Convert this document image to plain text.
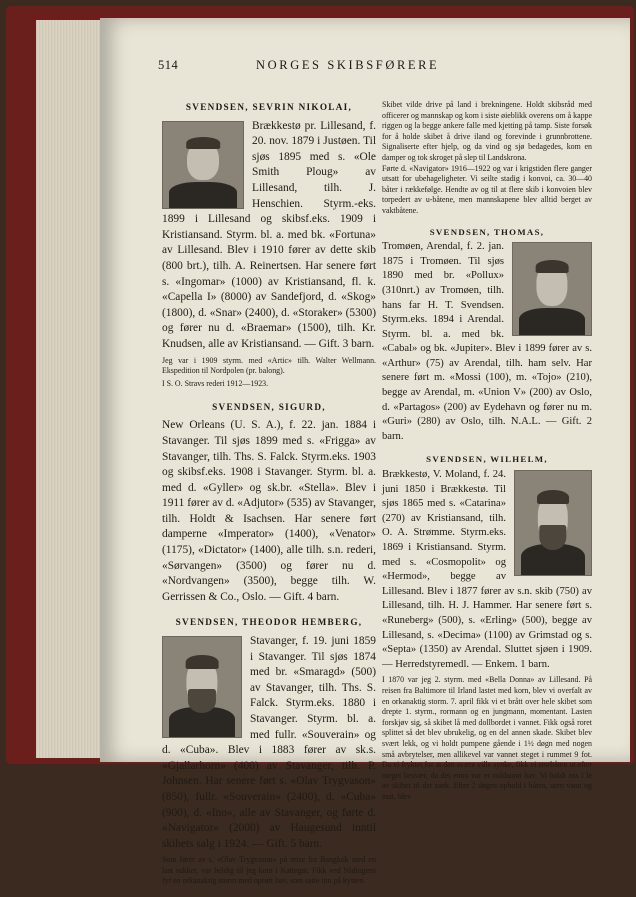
514	NORGES SKIBSFØRERE
SVENDSEN, SEVRIN NIKOLAI,

Brækkestø pr. Lillesand, f. 20. nov. 1879 i Justøen. Til sjøs 1895 med s. «Ole Smith Ploug» av Lillesand, tilh. J. Henschien. Styrm.-eks. 1899 i Lillesand og skibsf.eks. 1909 i Kristiansand. Styrm. bl. a. med bk. «Fortuna» av Lillesand. Blev i 1910 fører av dette skib (800 brt.), tilh. A. Reinertsen. Har senere ført s. «Ingomar» (1000) av Kristiansand, fl. k. «Capella I» (8000) av Sandefjord, d. «Skog» (1800), d. «Snar» (2400), d. «Storaker» (5300) og fører nu d. «Braemar» (1500), tilh. Kr. Knudsen, alle av Kristiansand. — Gift. 3 barn.

Jeg var i 1909 styrm. med «Artic» tilh. Walter Wellmann. Ekspedition til Nordpolen (pr. balong).

I S. O. Stravs rederi 1912—1923.

SVENDSEN, SIGURD,

New Orleans (U. S. A.), f. 22. jan. 1884 i Stavanger. Til sjøs 1899 med s. «Frigga» av Stavanger, tilh. Ths. S. Falck. Styrm.eks. 1903 og skibsf.eks. 1908 i Stavanger. Styrm. bl. a. med d. «Gyller» og sk.br. «Stella». Blev i 1911 fører av d. «Adjutor» (535) av Stavanger, tilh. Holdt & Isachsen. Har senere ført damperne «Imperator» (1400), «Venator» (1175), «Dictator» (1400), alle tilh. s.n. rederi, «Sørvangen» (3500) og fører nu d. «Nordvangen» (3500), begge tilh. W. Gerrissen & Co., Oslo. — Gift. 4 barn.

SVENDSEN, THEODOR HEMBERG,

Stavanger, f. 19. juni 1859 i Stavanger. Til sjøs 1874 med br. «Smaragd» (500) av Stavanger, tilh. Ths. S. Falck. Styrm.eks. 1880 i Stavanger. Styrm. bl. a. med fullr. «Souverain» og d. «Cuba». Blev i 1883 fører av sk.s. «Gjallarhorn» (400) av Stavanger, tilh. P. Johnsen. Har senere ført s. «Olav Trygvason» (850), fullr. «Souverain» (2400), d. «Cuba» (900), d. «Ino», alle av Stavanger, og førte d. «Navigator» (2000) av Haugesund inntil skibets salg i 1924. — Gift. 5 barn.

Som fører av s. «Olav Trygvason» på reise fra Bangkok med en last sukker, var heldig til jeg kom i Kattegat. Fikk ved Nidingens fyr en orkanaktig storm med oprørt hav, som satte inn på kysten.

Skibet vilde drive på land i brekningene. Holdt skibsråd med officerer og mannskap og kom i siste øieblikk overens om å kappe riggen og la begge ankere falle med kjetting på tamp. Siste forsøk for å holde skibet å drive iland og forevinde i grunnbrottene. Signaliserte efter hjelp, og da vind og sjø bedagedes, kom en damper og tok skroget på slep til Landskrona.

Førte d. «Navigator» 1916—1922 og var i krigstiden flere ganger utsatt for ubehageligheter. Vi seilte stadig i konvoi, ca. 30—40 båter i rækkefølge. Hendte av og til at flere skib i konvoien blev torpedert av u-båtene, men mannskapene blev alltid berget av vaktbåtene.

SVENDSEN, THOMAS,

Tromøen, Arendal, f. 2. jan. 1875 i Tromøen. Til sjøs 1890 med br. «Pollux» (310nrt.) av Tromøen, tilh. hans far H. T. Svendsen. Styrm.eks. 1894 i Arendal. Styrm. bl. a. med bk. «Cabal» og bk. «Jupiter». Blev i 1899 fører av s. «Arthur» (75) av Arendal, tilh. ham selv. Har senere ført m. «Mossi (100), m. «Tojo» (210), begge av Arendal, m. «Union V» (200) av Oslo, d. «Partagos» (200) av Eydehavn og fører nu m. «Guri» (280) av Oslo, tilh. N.A.L. — Gift. 2 barn.

SVENDSEN, WILHELM,

Brækkestø, V. Moland, f. 24. juni 1850 i Brækkestø. Til sjøs 1865 med s. «Catarina» (270) av Kristiansand, tilh. O. A. Strømme. Styrm.eks. 1869 i Kristiansand. Styrm. med s. «Cosmopolit» og «Hermod», begge av Lillesand. Blev i 1877 fører av s.n. skib (750) av Lillesand, tilh. H. J. Hammer. Har senere ført s. «Runeberg» (500), s. «Erling» (500), begge av Lillesand, s. «Decima» (1100) av Grimstad og s. «Septa» (1350) av Arendal. Sluttet sjøen i 1909. — Herredstyremedl. — Enkem. 1 barn.

I 1870 var jeg 2. styrm. med «Bella Donna» av Lillesand. På reisen fra Baltimore til Irland lastet med korn, blev vi overfalt av en orkanaktig storm. 7. april fikk vi et brått over hele skibet som drepte 1. styrm., rormann og en jungmann, momentant. Lasten forskjøv sig, så skibet lå med dollbordet i vannet. Fikk også roret splittet så det blev ubrukelig, og en del annen skade. Skibet blev svært lekk, og vi holdt pumpene gående i 1½ døgn med nogen små avbrytelser, men allikevel var vannet steget i rummet 9 fot. Da vi fryktet for at den svære ville synke, fikk vi storbåten ut efter meget besvær, da det ennu var et voldsomt hav. Vi holdt oss i le av skibet til det sank. Efter 2 døgns ophold i båten, uten vann og mat, blev
